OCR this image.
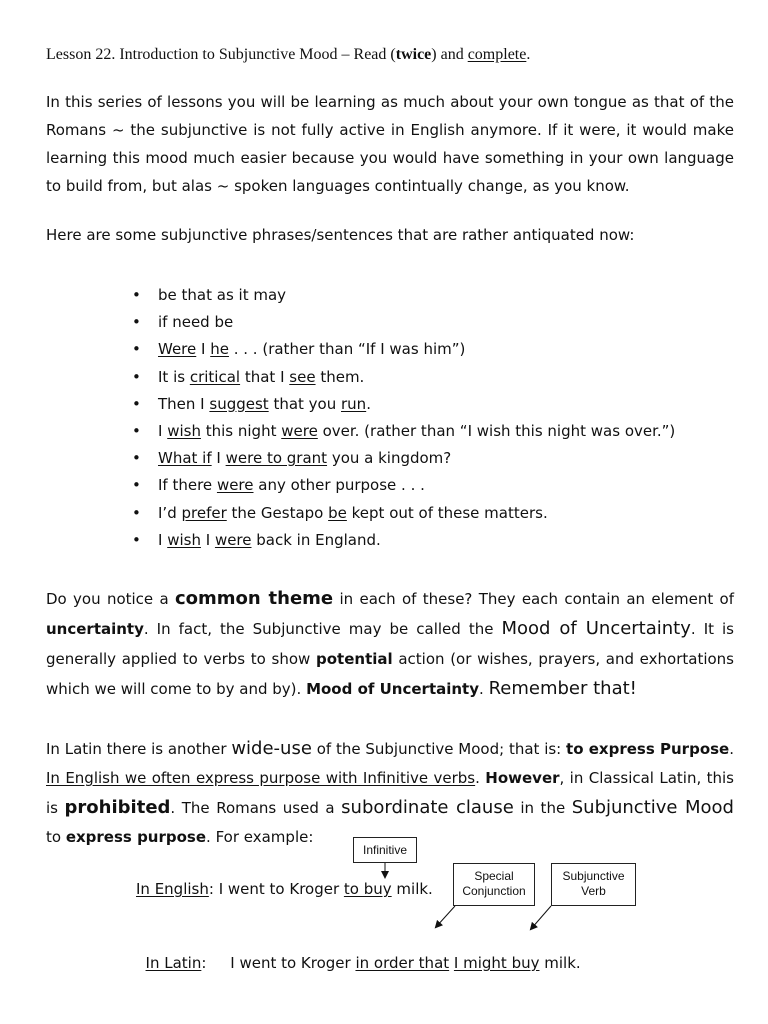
Lesson 22. Introduction to Subjunctive Mood – Read (twice) and complete.
In this series of lessons you will be learning as much about your own tongue as that of the Romans ~ the subjunctive is not fully active in English anymore. If it were, it would make learning this mood much easier because you would have something in your own language to build from, but alas ~ spoken languages contintually change, as you know.
Here are some subjunctive phrases/sentences that are rather antiquated now:
• be that as it may
• if need be
• Were I he . . . (rather than “If I was him”)
• It is critical that I see them.
• Then I suggest that you run.
• I wish this night were over. (rather than “I wish this night was over.”)
• What if I were to grant you a kingdom?
• If there were any other purpose . . .
• I’d prefer the Gestapo be kept out of these matters.
• I wish I were back in England.
Do you notice a common theme in each of these? They each contain an element of uncertainty. In fact, the Subjunctive may be called the Mood of Uncertainty. It is generally applied to verbs to show potential action (or wishes, prayers, and exhortations which we will come to by and by). Mood of Uncertainty. Remember that!
In Latin there is another wide-use of the Subjunctive Mood; that is: to express Purpose. In English we often express purpose with Infinitive verbs. However, in Classical Latin, this is prohibited. The Romans used a subordinate clause in the Subjunctive Mood to express purpose. For example:
Infinitive
Special
Conjunction
Subjunctive
Verb
In English: I went to Kroger to buy milk.

In Latin:     I went to Kroger in order that I might buy milk.
